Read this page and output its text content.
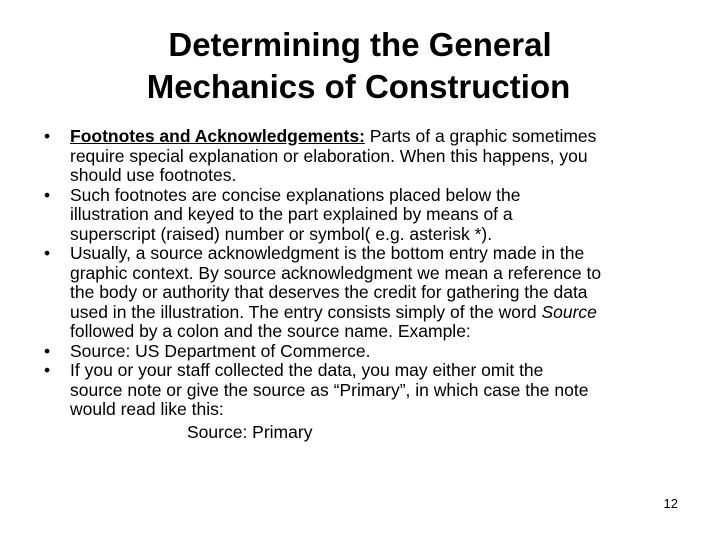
Determining the General
Mechanics of Construction
•	Footnotes and Acknowledgements: Parts of a graphic sometimes
require special explanation or elaboration. When this happens, you
should use footnotes.
•	Such footnotes are concise explanations placed below the
illustration and keyed to the part explained by means of a
superscript (raised) number or symbol( e.g. asterisk *).
•	Usually, a source acknowledgment is the bottom entry made in the
graphic context. By source acknowledgment we mean a reference to
the body or authority that deserves the credit for gathering the data
used in the illustration. The entry consists simply of the word Source
followed by a colon and the source name. Example:
•	Source: US Department of Commerce.
•	If you or your staff collected the data, you may either omit the
source note or give the source as “Primary”, in which case the note
would read like this:
Source: Primary
12
